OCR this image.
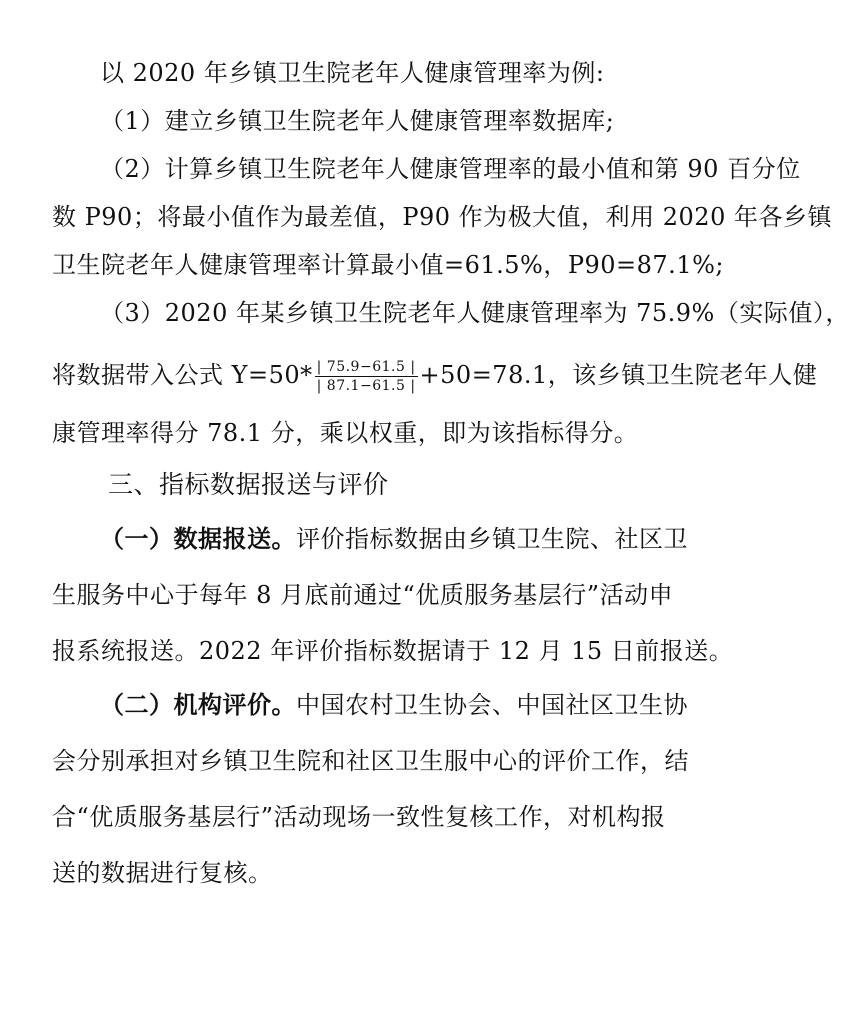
以 2020 年乡镇卫生院老年人健康管理率为例:
（1）建立乡镇卫生院老年人健康管理率数据库;
（2）计算乡镇卫生院老年人健康管理率的最小值和第 90 百分位
数 P90；将最小值作为最差值，P90 作为极大值，利用 2020 年各乡镇
卫生院老年人健康管理率计算最小值=61.5%，P90=87.1%;
（3）2020 年某乡镇卫生院老年人健康管理率为 75.9%（实际值），
将数据带入公式 $Y=50* \frac{| 75.9-61.5 |}{| 87.1-61.5 |} +50=78.1$，该乡镇卫生院老年人健
康管理率得分 78.1 分，乘以权重，即为该指标得分。
三、指标数据报送与评价
（一）数据报送。评价指标数据由乡镇卫生院、社区卫
生服务中心于每年 8 月底前通过“优质服务基层行”活动申
报系统报送。2022 年评价指标数据请于 12 月 15 日前报送。
（二）机构评价。中国农村卫生协会、中国社区卫生协
会分别承担对乡镇卫生院和社区卫生服中心的评价工作，结
合“优质服务基层行”活动现场一致性复核工作，对机构报
送的数据进行复核。
